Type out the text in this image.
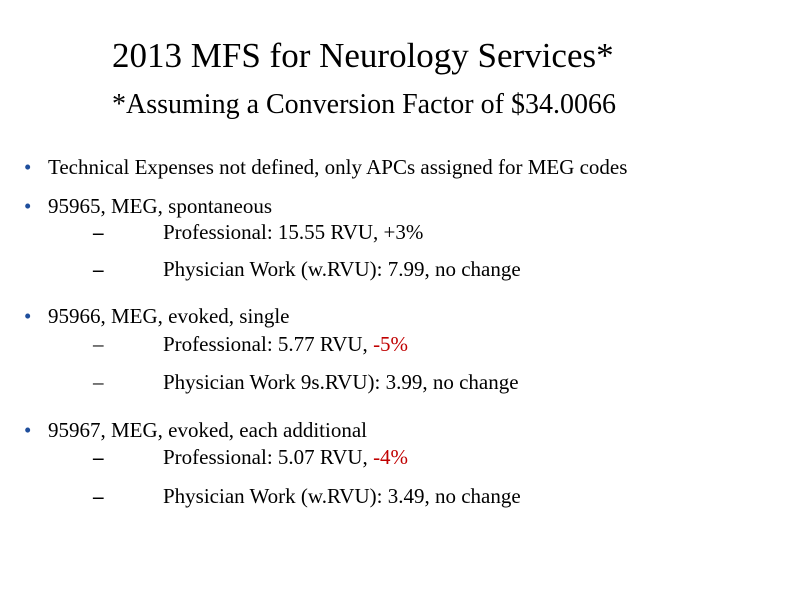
2013 MFS for Neurology Services*
*Assuming a Conversion Factor of $34.0066
• Technical Expenses not defined, only APCs assigned for MEG codes
• 95965, MEG, spontaneous
–	Professional: 15.55 RVU, +3%
–	Physician Work (w.RVU): 7.99, no change
• 95966, MEG, evoked, single
–	Professional: 5.77 RVU, -5%
–	Physician Work 9s.RVU): 3.99, no change
• 95967, MEG, evoked, each additional
–	Professional: 5.07 RVU, -4%
–	Physician Work (w.RVU): 3.49, no change
